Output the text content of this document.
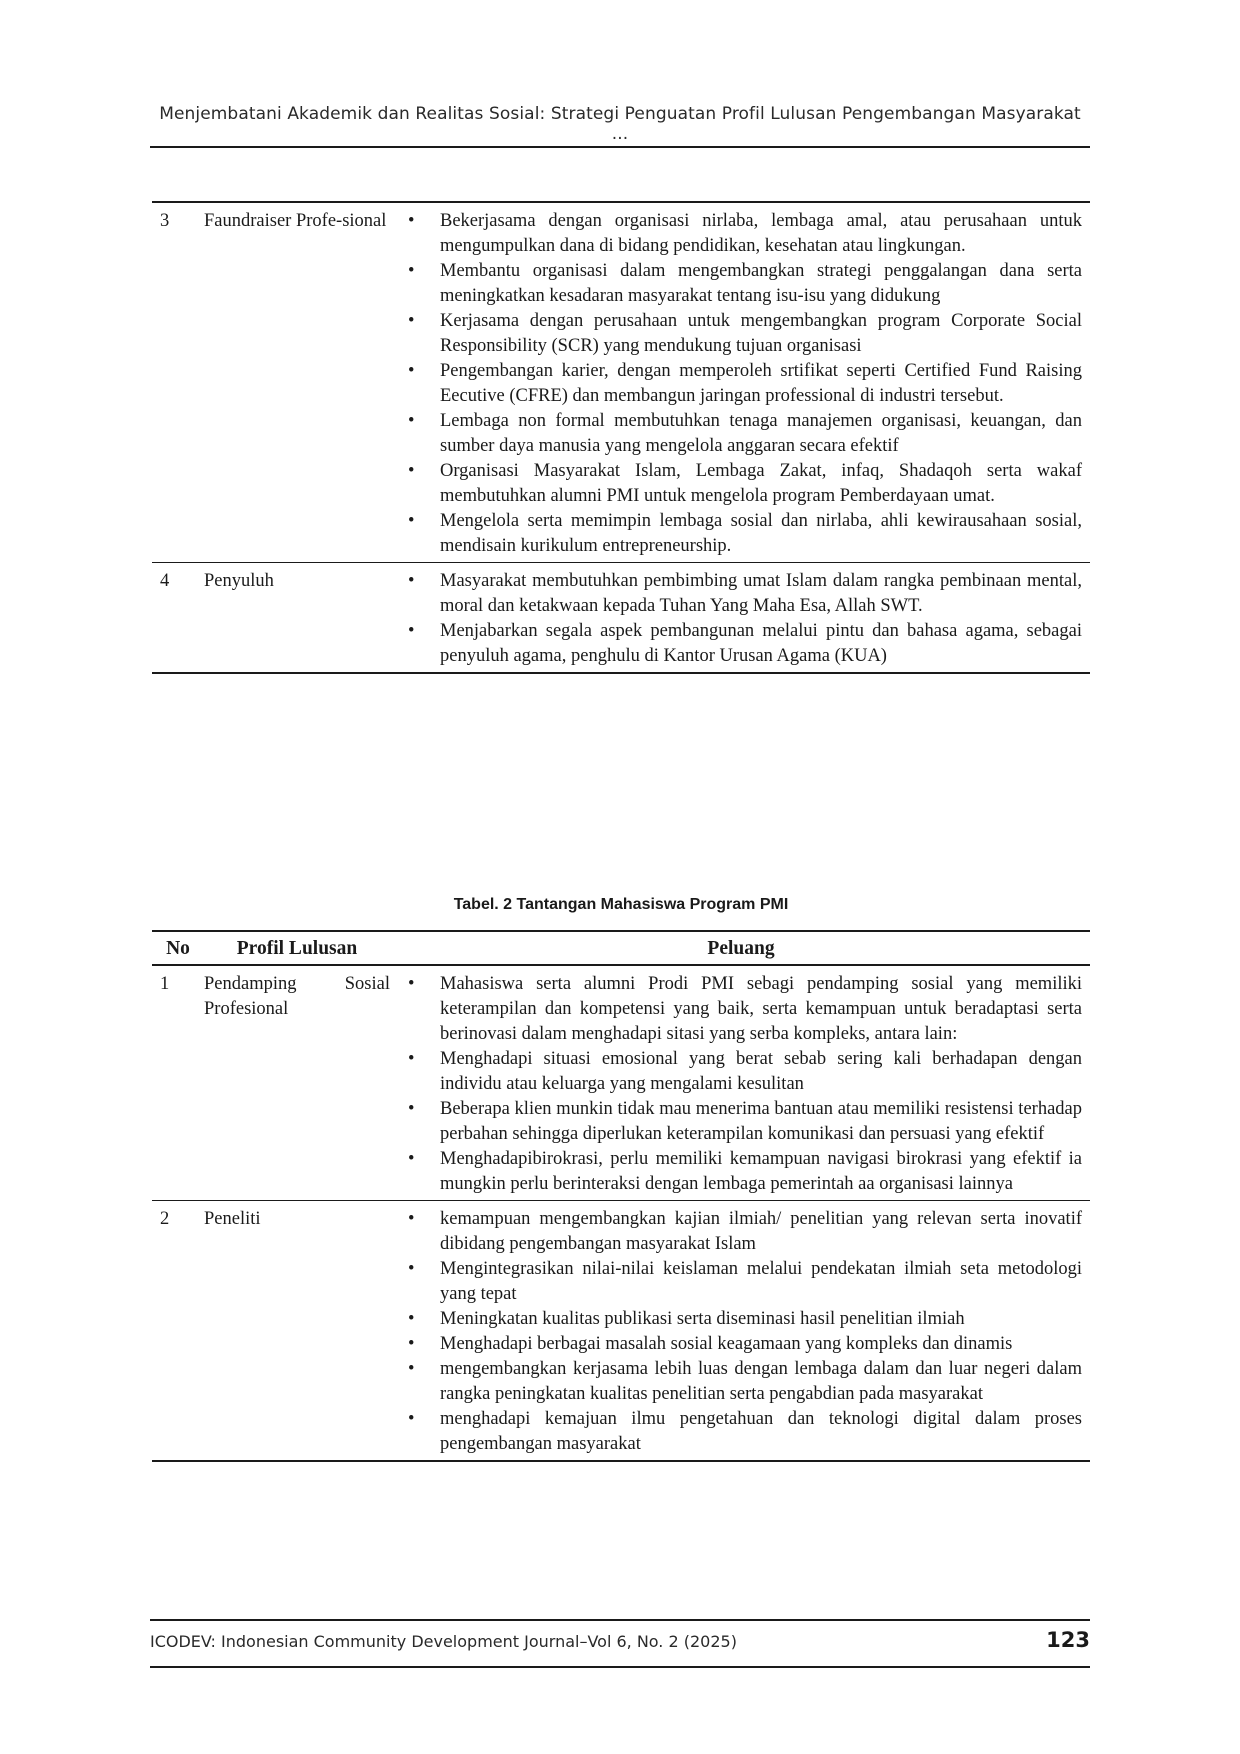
Menjembatani Akademik dan Realitas Sosial: Strategi Penguatan Profil Lulusan Pengembangan Masyarakat ...
3	Faundraiser Profe-sional	• Bekerjasama dengan organisasi nirlaba, lembaga amal, atau perusahaan untuk mengumpulkan dana di bidang pendidikan, kesehatan atau lingkungan.
• Membantu organisasi dalam mengembangkan strategi penggalangan dana serta meningkatkan kesadaran masyarakat tentang isu-isu yang didukung
• Kerjasama dengan perusahaan untuk mengembangkan program Corporate Social Responsibility (SCR) yang mendukung tujuan organisasi
• Pengembangan karier, dengan memperoleh srtifikat seperti Certified Fund Raising Eecutive (CFRE) dan membangun jaringan professional di industri tersebut.
• Lembaga non formal membutuhkan tenaga manajemen organisasi, keuangan, dan sumber daya manusia yang mengelola anggaran secara efektif
• Organisasi Masyarakat Islam, Lembaga Zakat, infaq, Shadaqoh serta wakaf membutuhkan alumni PMI untuk mengelola program Pemberdayaan umat.
• Mengelola serta memimpin lembaga sosial dan nirlaba, ahli kewirausahaan sosial, mendisain kurikulum entrepreneurship.
4	Penyuluh	• Masyarakat membutuhkan pembimbing umat Islam dalam rangka pembinaan mental, moral dan ketakwaan kepada Tuhan Yang Maha Esa, Allah SWT.
• Menjabarkan segala aspek pembangunan melalui pintu dan bahasa agama, sebagai penyuluh agama, penghulu di Kantor Urusan Agama (KUA)
Tabel. 2 Tantangan Mahasiswa Program PMI
No	Profil Lulusan	Peluang
1	Pendamping Sosial Profesional
• Mahasiswa serta alumni Prodi PMI sebagi pendamping sosial yang memiliki keterampilan dan kompetensi yang baik, serta kemampuan untuk beradaptasi serta berinovasi dalam menghadapi sitasi yang serba kompleks, antara lain:
• Menghadapi situasi emosional yang berat sebab sering kali berhadapan dengan individu atau keluarga yang mengalami kesulitan
• Beberapa klien munkin tidak mau menerima bantuan atau memiliki resistensi terhadap perbahan sehingga diperlukan keterampilan komunikasi dan persuasi yang efektif
• Menghadapibirokrasi, perlu memiliki kemampuan navigasi birokrasi yang efektif ia mungkin perlu berinteraksi dengan lembaga pemerintah aa organisasi lainnya
2	Peneliti	• kemampuan mengembangkan kajian ilmiah/ penelitian yang relevan serta inovatif dibidang pengembangan masyarakat Islam
• Mengintegrasikan nilai-nilai keislaman melalui pendekatan ilmiah seta metodologi yang tepat
• Meningkatan kualitas publikasi serta diseminasi hasil penelitian ilmiah
• Menghadapi berbagai masalah sosial keagamaan yang kompleks dan dinamis
• mengembangkan kerjasama lebih luas dengan lembaga dalam dan luar negeri dalam rangka peningkatan kualitas penelitian serta pengabdian pada masyarakat
• menghadapi kemajuan ilmu pengetahuan dan teknologi digital dalam proses pengembangan masyarakat
ICODEV: Indonesian Community Development Journal–Vol 6, No. 2 (2025)	123
